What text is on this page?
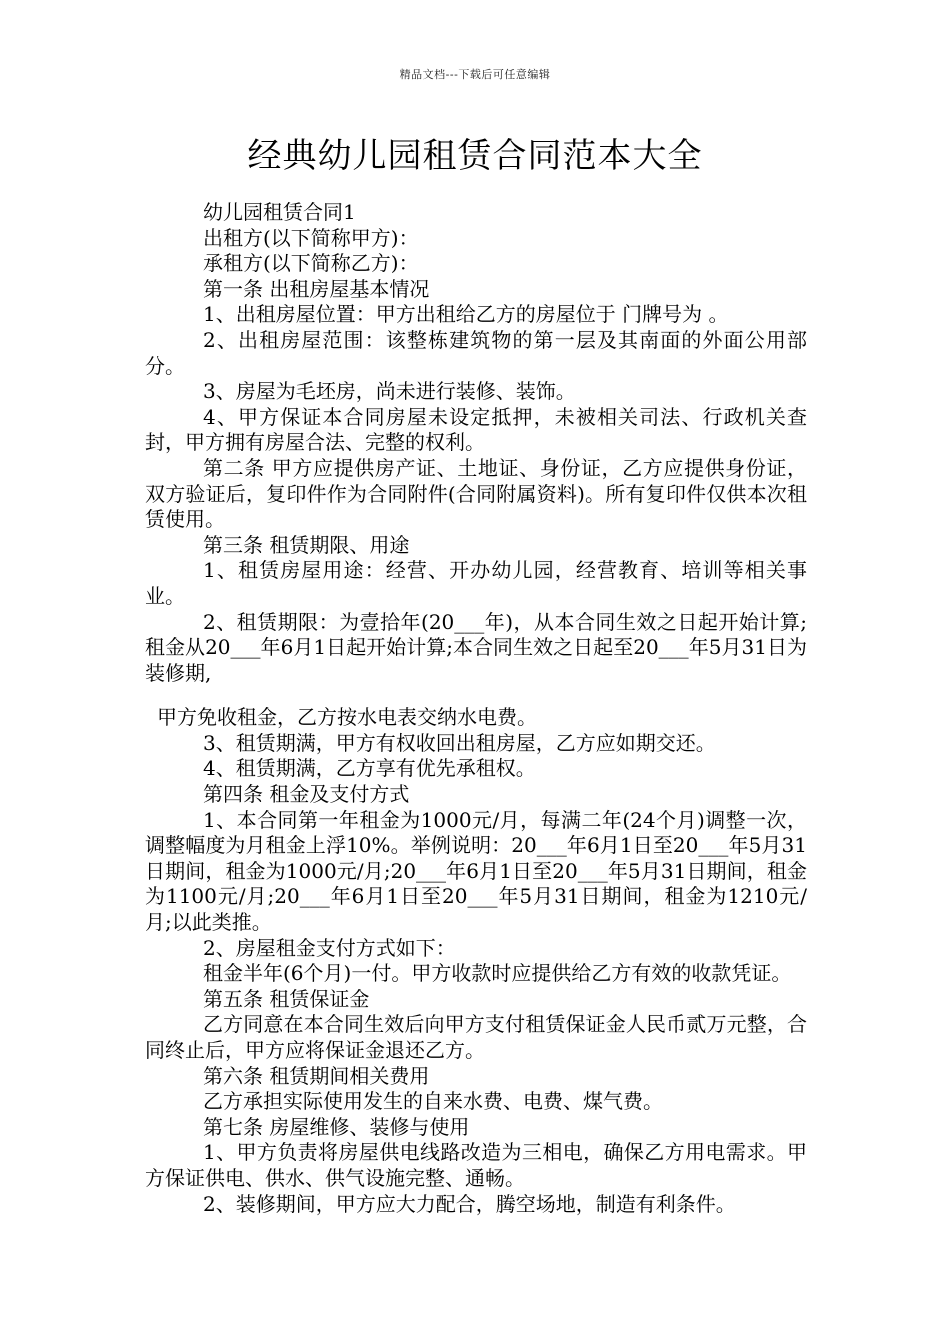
精品文档---下载后可任意编辑
经典幼儿园租赁合同范本大全

幼儿园租赁合同1

出租方(以下简称甲方)：

承租方(以下简称乙方)：

第一条 出租房屋基本情况

1、出租房屋位置：甲方出租给乙方的房屋位于 门牌号为 。

2、出租房屋范围：该整栋建筑物的第一层及其南面的外面公用部分。

3、房屋为毛坯房，尚未进行装修、装饰。

4、甲方保证本合同房屋未设定抵押，未被相关司法、行政机关查封，甲方拥有房屋合法、完整的权利。

第二条 甲方应提供房产证、土地证、身份证，乙方应提供身份证，双方验证后，复印件作为合同附件(合同附属资料)。所有复印件仅供本次租赁使用。

第三条 租赁期限、用途

1、租赁房屋用途：经营、开办幼儿园，经营教育、培训等相关事业。

2、租赁期限：为壹拾年(20___年)，从本合同生效之日起开始计算;租金从20___年6月1日起开始计算;本合同生效之日起至20___年5月31日为装修期,

甲方免收租金，乙方按水电表交纳水电费。

3、租赁期满，甲方有权收回出租房屋，乙方应如期交还。

4、租赁期满，乙方享有优先承租权。

第四条 租金及支付方式

1、本合同第一年租金为1000元/月，每满二年(24个月)调整一次，调整幅度为月租金上浮10%。举例说明：20___年6月1日至20___年5月31日期间，租金为1000元/月;20___年6月1日至20___年5月31日期间，租金为1100元/月;20___年6月1日至20___年5月31日期间，租金为1210元/月;以此类推。

2、房屋租金支付方式如下：

租金半年(6个月)一付。甲方收款时应提供给乙方有效的收款凭证。

第五条 租赁保证金

乙方同意在本合同生效后向甲方支付租赁保证金人民币贰万元整，合同终止后，甲方应将保证金退还乙方。

第六条 租赁期间相关费用

乙方承担实际使用发生的自来水费、电费、煤气费。

第七条 房屋维修、装修与使用

1、甲方负责将房屋供电线路改造为三相电，确保乙方用电需求。甲方保证供电、供水、供气设施完整、通畅。

2、装修期间，甲方应大力配合，腾空场地，制造有利条件。
